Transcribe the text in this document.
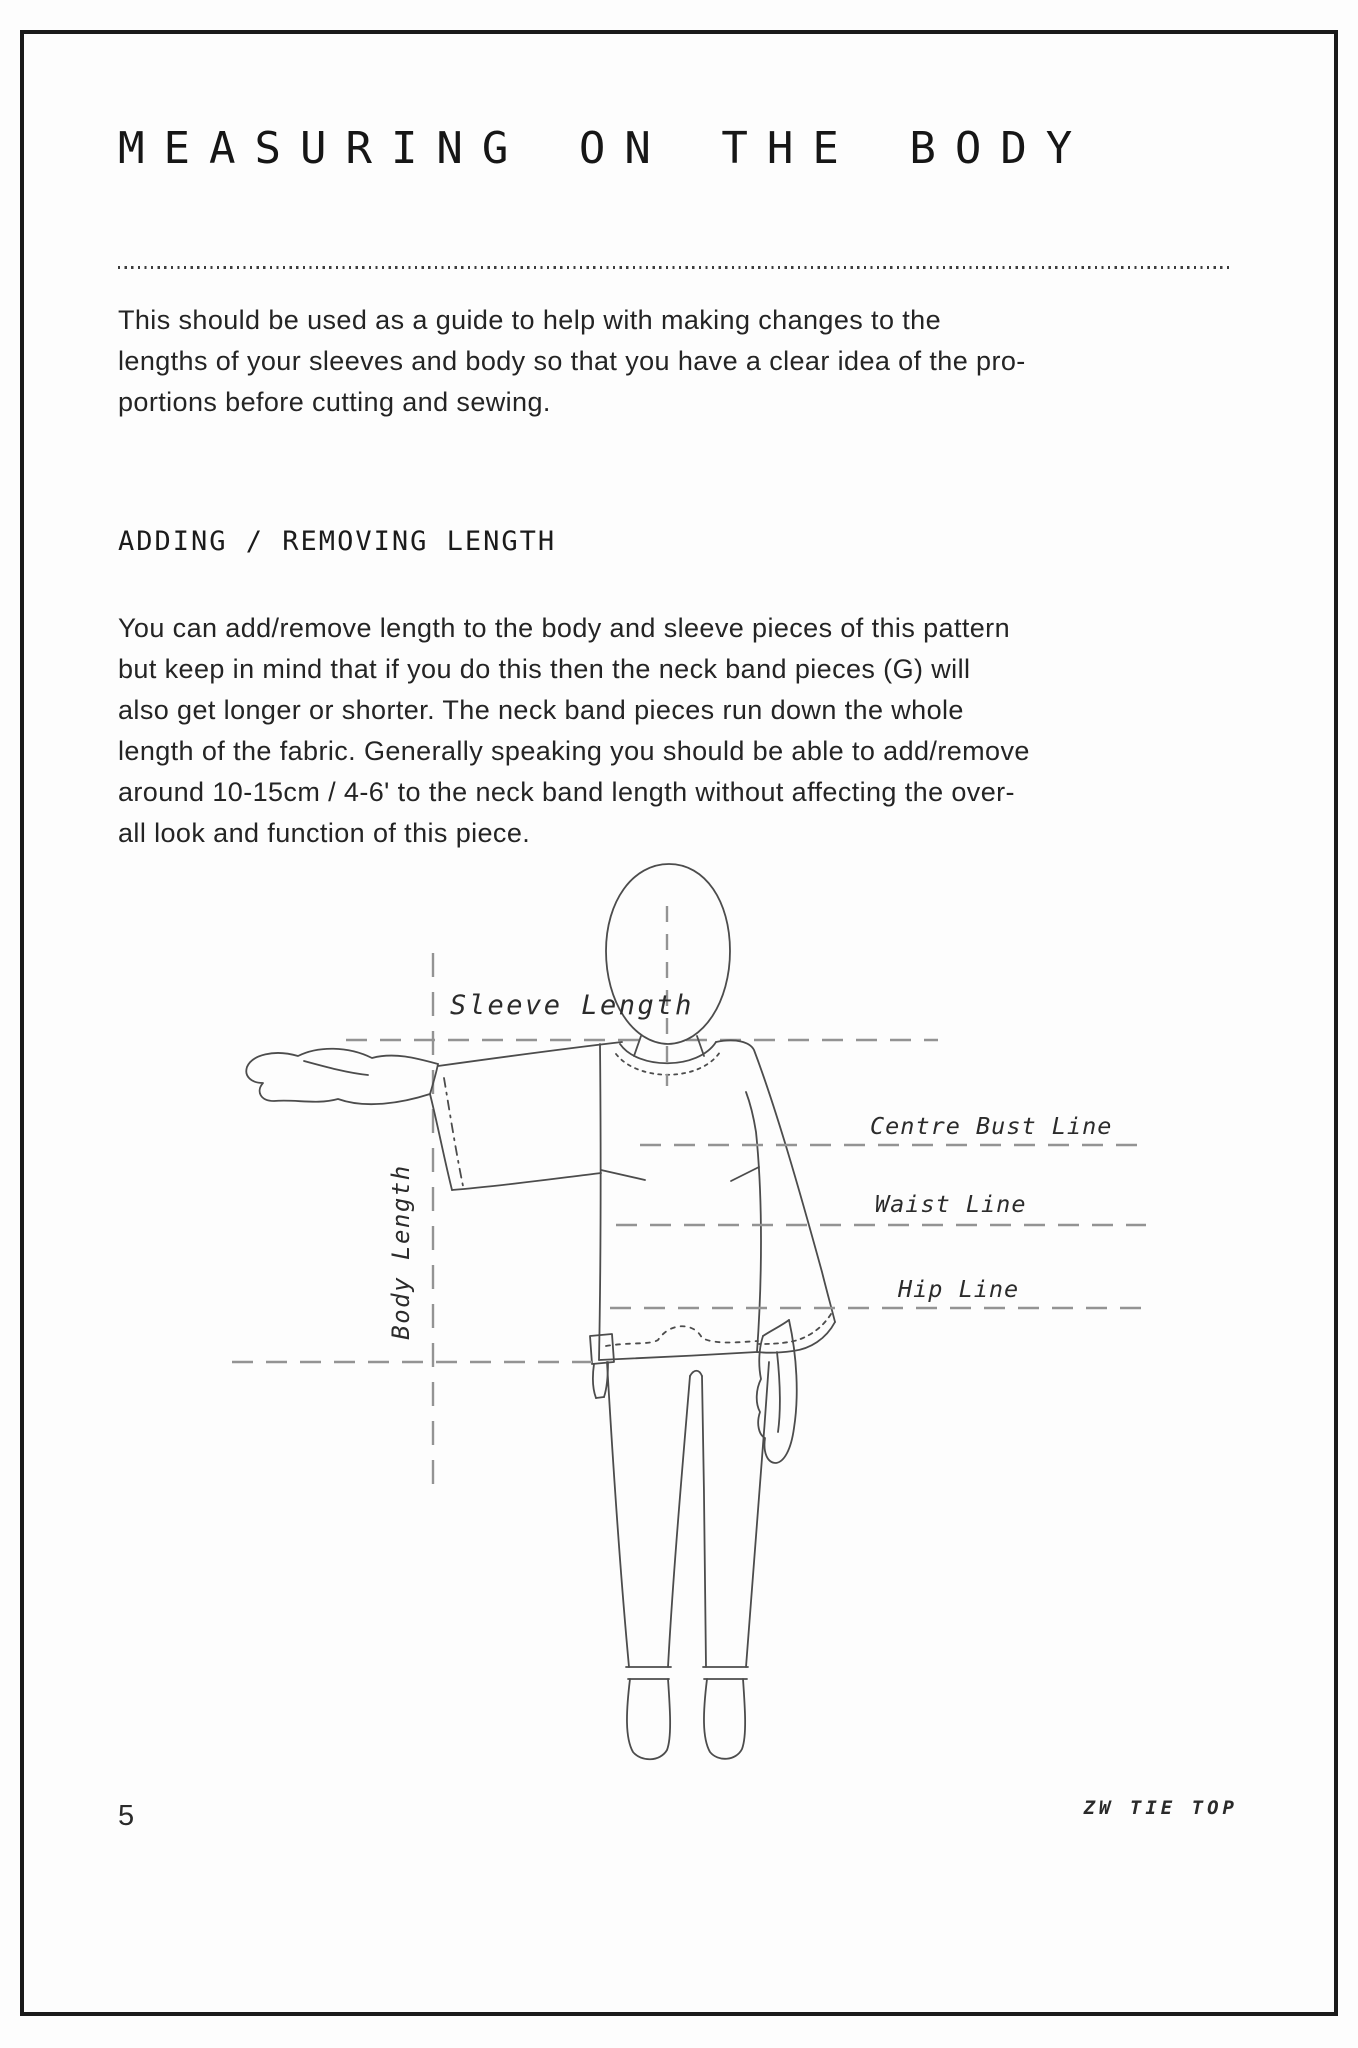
MEASURING ON THE BODY
This should be used as a guide to help with making changes to the
lengths of your sleeves and body so that you have a clear idea of the pro-
portions before cutting and sewing.
ADDING / REMOVING LENGTH
You can add/remove length to the body and sleeve pieces of this pattern
but keep in mind that if you do this then the neck band pieces (G) will
also get longer or shorter. The neck band pieces run down the whole
length of the fabric. Generally speaking you should be able to add/remove
around 10-15cm / 4-6' to the neck band length without affecting the over-
all look and function of this piece.
Sleeve Length
Body Length
Centre Bust Line
Waist Line
Hip Line
5	ZW TIE TOP
